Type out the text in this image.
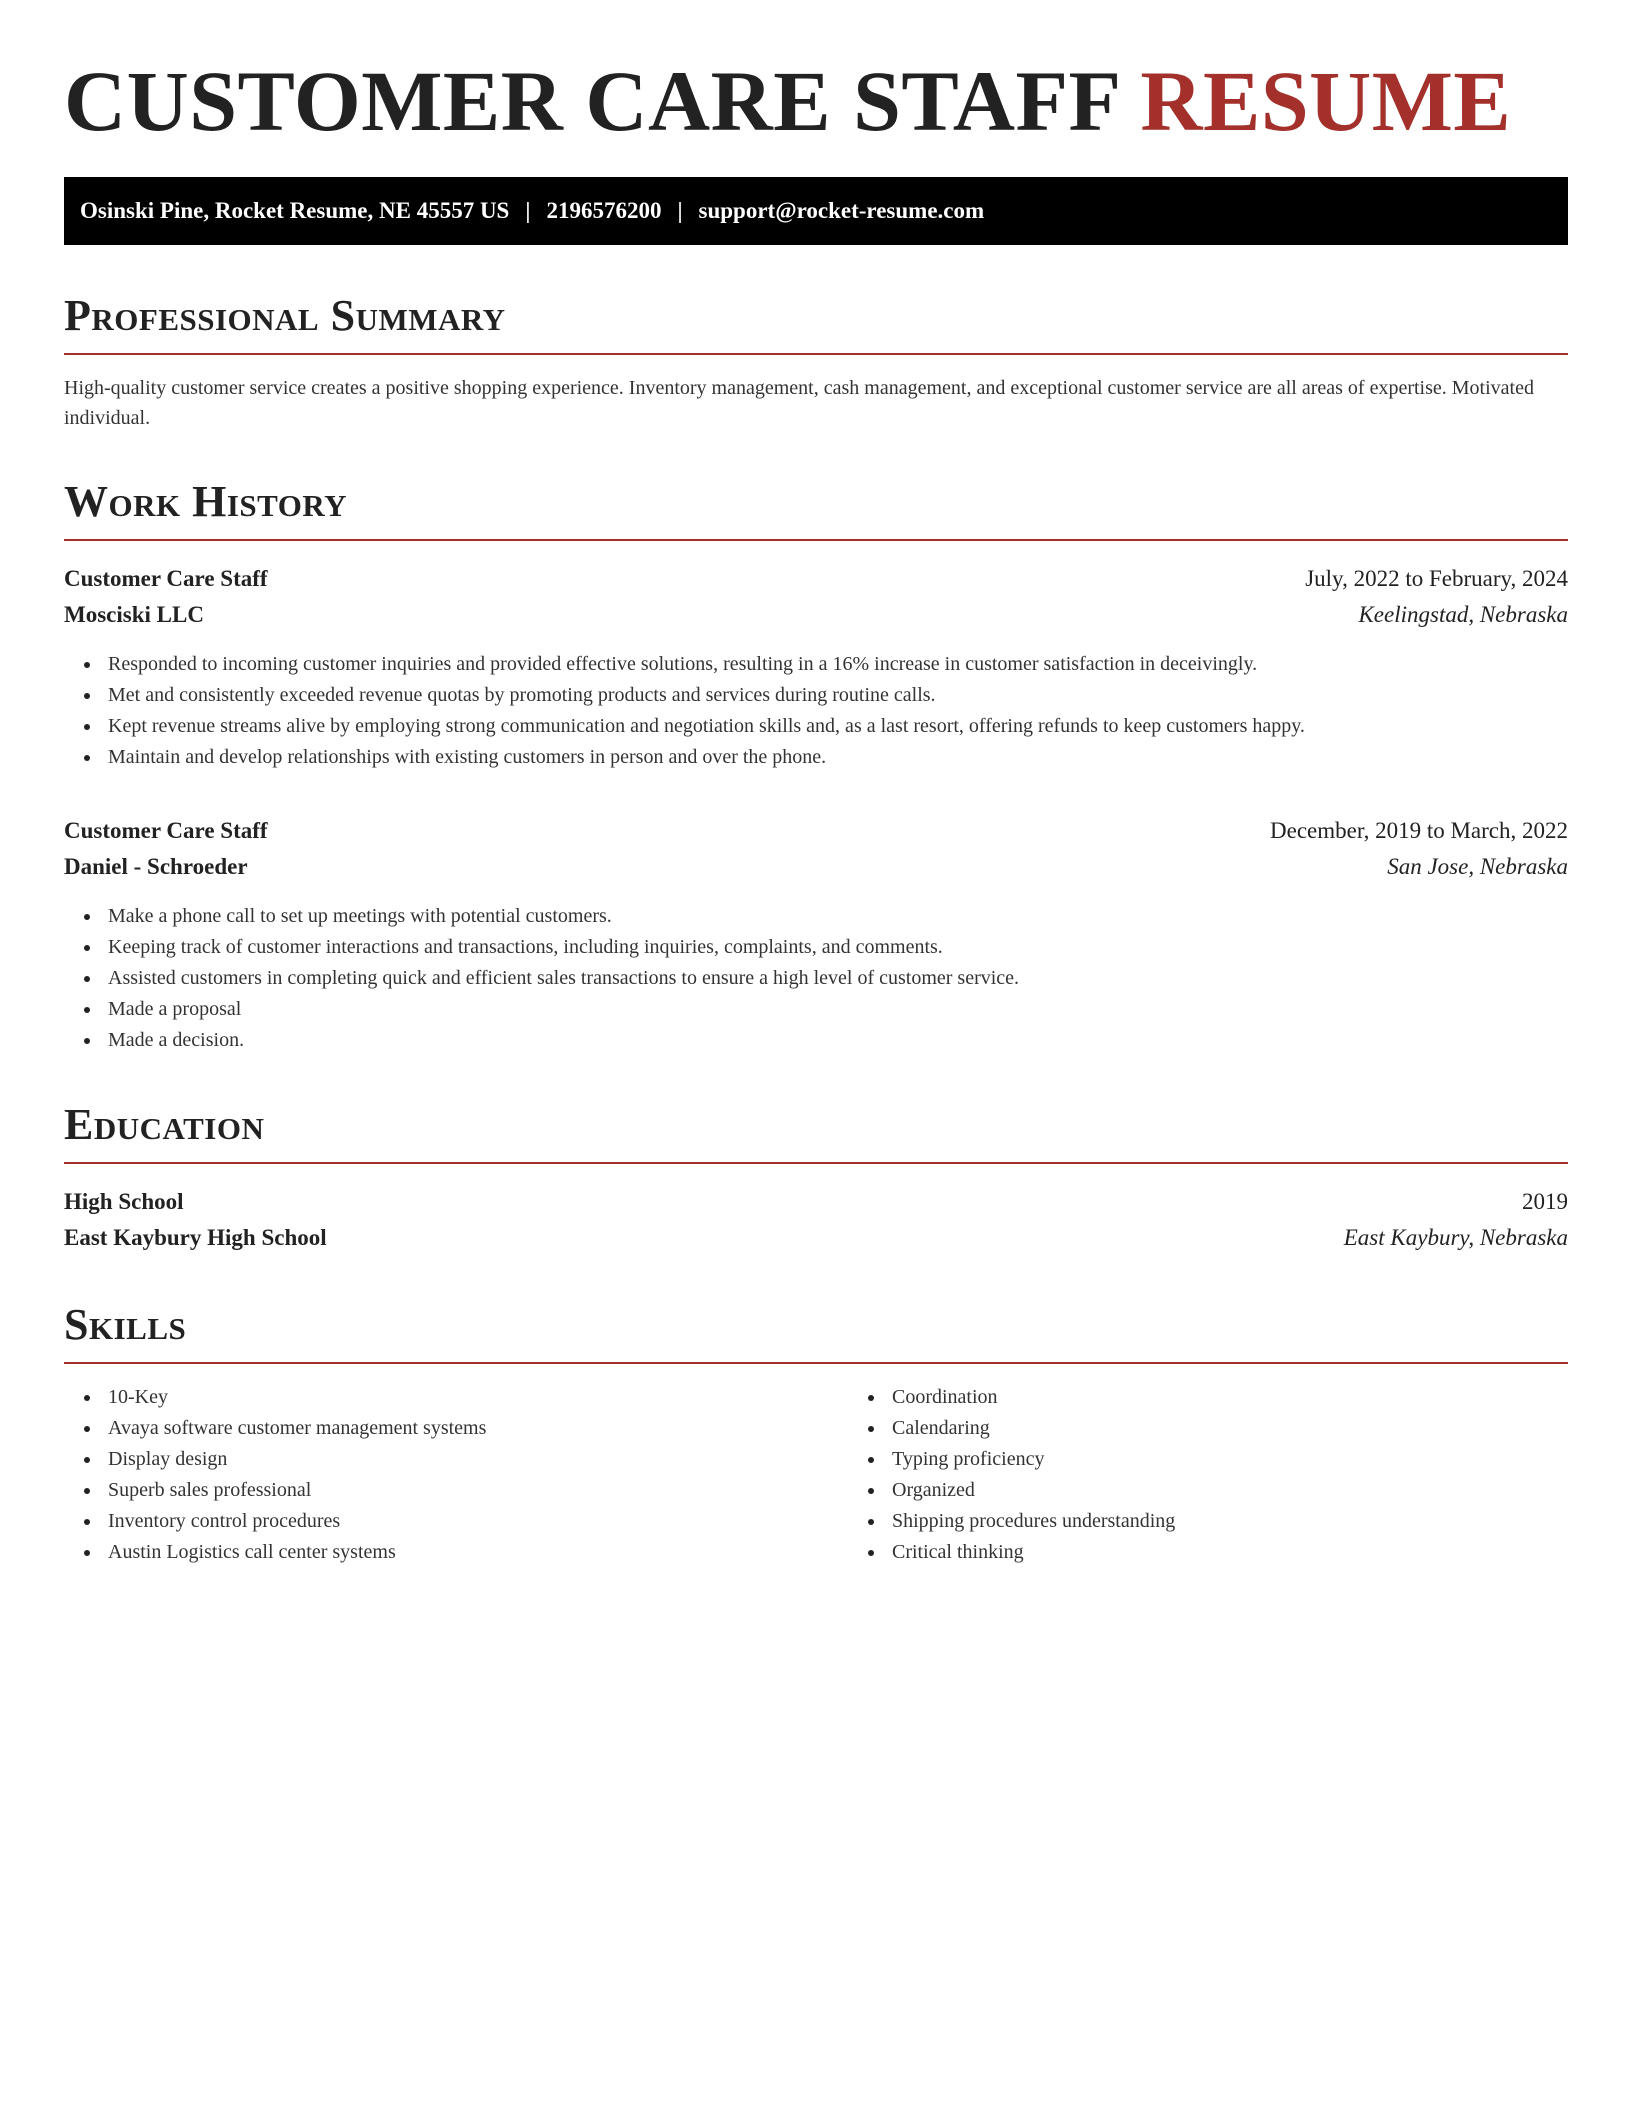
CUSTOMER CARE STAFF RESUME
Osinski Pine, Rocket Resume, NE 45557 US | 2196576200 | support@rocket-resume.com
Professional Summary

High-quality customer service creates a positive shopping experience. Inventory management, cash management, and exceptional customer service are all areas of expertise. Motivated individual.

Work History
Customer Care Staff	July, 2022 to February, 2024
Mosciski LLC	Keelingstad, Nebraska
Responded to incoming customer inquiries and provided effective solutions, resulting in a 16% increase in customer satisfaction in deceivingly.
Met and consistently exceeded revenue quotas by promoting products and services during routine calls.
Kept revenue streams alive by employing strong communication and negotiation skills and, as a last resort, offering refunds to keep customers happy.
Maintain and develop relationships with existing customers in person and over the phone.
Customer Care Staff	December, 2019 to March, 2022
Daniel - Schroeder	San Jose, Nebraska
Make a phone call to set up meetings with potential customers.
Keeping track of customer interactions and transactions, including inquiries, complaints, and comments.
Assisted customers in completing quick and efficient sales transactions to ensure a high level of customer service.
Made a proposal
Made a decision.
Education
High School	2019
East Kaybury High School	East Kaybury, Nebraska
Skills
10-Key
Avaya software customer management systems
Display design
Superb sales professional
Inventory control procedures
Austin Logistics call center systems
Coordination
Calendaring
Typing proficiency
Organized
Shipping procedures understanding
Critical thinking
